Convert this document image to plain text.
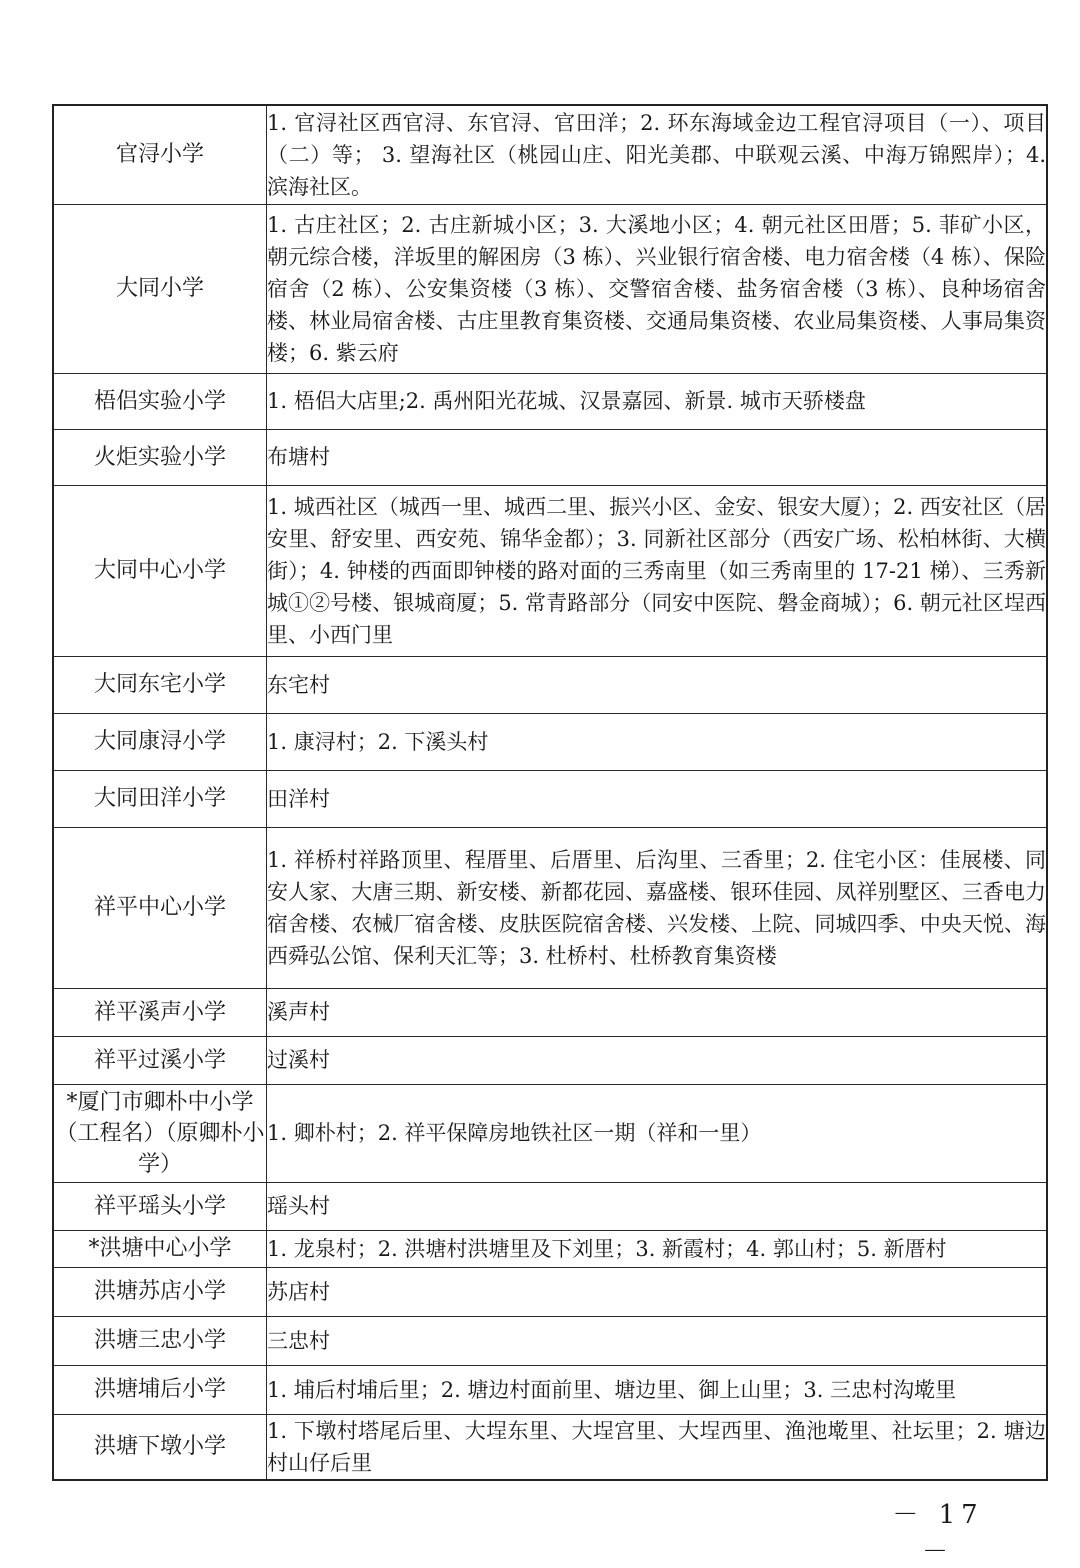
官浔小学	1. 官浔社区西官浔、东官浔、官田洋；2. 环东海域金边工程官浔项目（一）、项目（二）等； 3. 望海社区（桃园山庄、阳光美郡、中联观云溪、中海万锦熙岸）；4. 滨海社区。
大同小学	1. 古庄社区；2. 古庄新城小区；3. 大溪地小区；4. 朝元社区田厝；5. 菲矿小区，朝元综合楼，洋坂里的解困房（3 栋）、兴业银行宿舍楼、电力宿舍楼（4 栋）、保险宿舍（2 栋）、公安集资楼（3 栋）、交警宿舍楼、盐务宿舍楼（3 栋）、良种场宿舍楼、林业局宿舍楼、古庄里教育集资楼、交通局集资楼、农业局集资楼、人事局集资楼；6. 紫云府
梧侣实验小学	1. 梧侣大店里;2. 禹州阳光花城、汉景嘉园、新景. 城市天骄楼盘
火炬实验小学	布塘村
大同中心小学	1. 城西社区（城西一里、城西二里、振兴小区、金安、银安大厦）；2. 西安社区（居安里、舒安里、西安苑、锦华金都）；3. 同新社区部分（西安广场、松柏林街、大横街）；4. 钟楼的西面即钟楼的路对面的三秀南里（如三秀南里的 17-21 梯）、三秀新城①②号楼、银城商厦；5. 常青路部分（同安中医院、磐金商城）；6. 朝元社区埕西里、小西门里
大同东宅小学	东宅村
大同康浔小学	1. 康浔村；2. 下溪头村
大同田洋小学	田洋村
祥平中心小学	1. 祥桥村祥路顶里、程厝里、后厝里、后沟里、三香里；2. 住宅小区：佳展楼、同安人家、大唐三期、新安楼、新都花园、嘉盛楼、银环佳园、凤祥别墅区、三香电力宿舍楼、农械厂宿舍楼、皮肤医院宿舍楼、兴发楼、上院、同城四季、中央天悦、海西舜弘公馆、保利天汇等；3. 杜桥村、杜桥教育集资楼
祥平溪声小学	溪声村
祥平过溪小学	过溪村
*厦门市卿朴中小学（工程名）（原卿朴小学）	1. 卿朴村；2. 祥平保障房地铁社区一期（祥和一里）
祥平瑶头小学	瑶头村
*洪塘中心小学	1. 龙泉村；2. 洪塘村洪塘里及下刘里；3. 新霞村；4. 郭山村；5. 新厝村
洪塘苏店小学	苏店村
洪塘三忠小学	三忠村
洪塘埔后小学	1. 埔后村埔后里；2. 塘边村面前里、塘边里、御上山里；3. 三忠村沟墘里
洪塘下墩小学	1. 下墩村塔尾后里、大埕东里、大埕宫里、大埕西里、渔池墘里、社坛里；2. 塘边村山仔后里
－ 17 －
